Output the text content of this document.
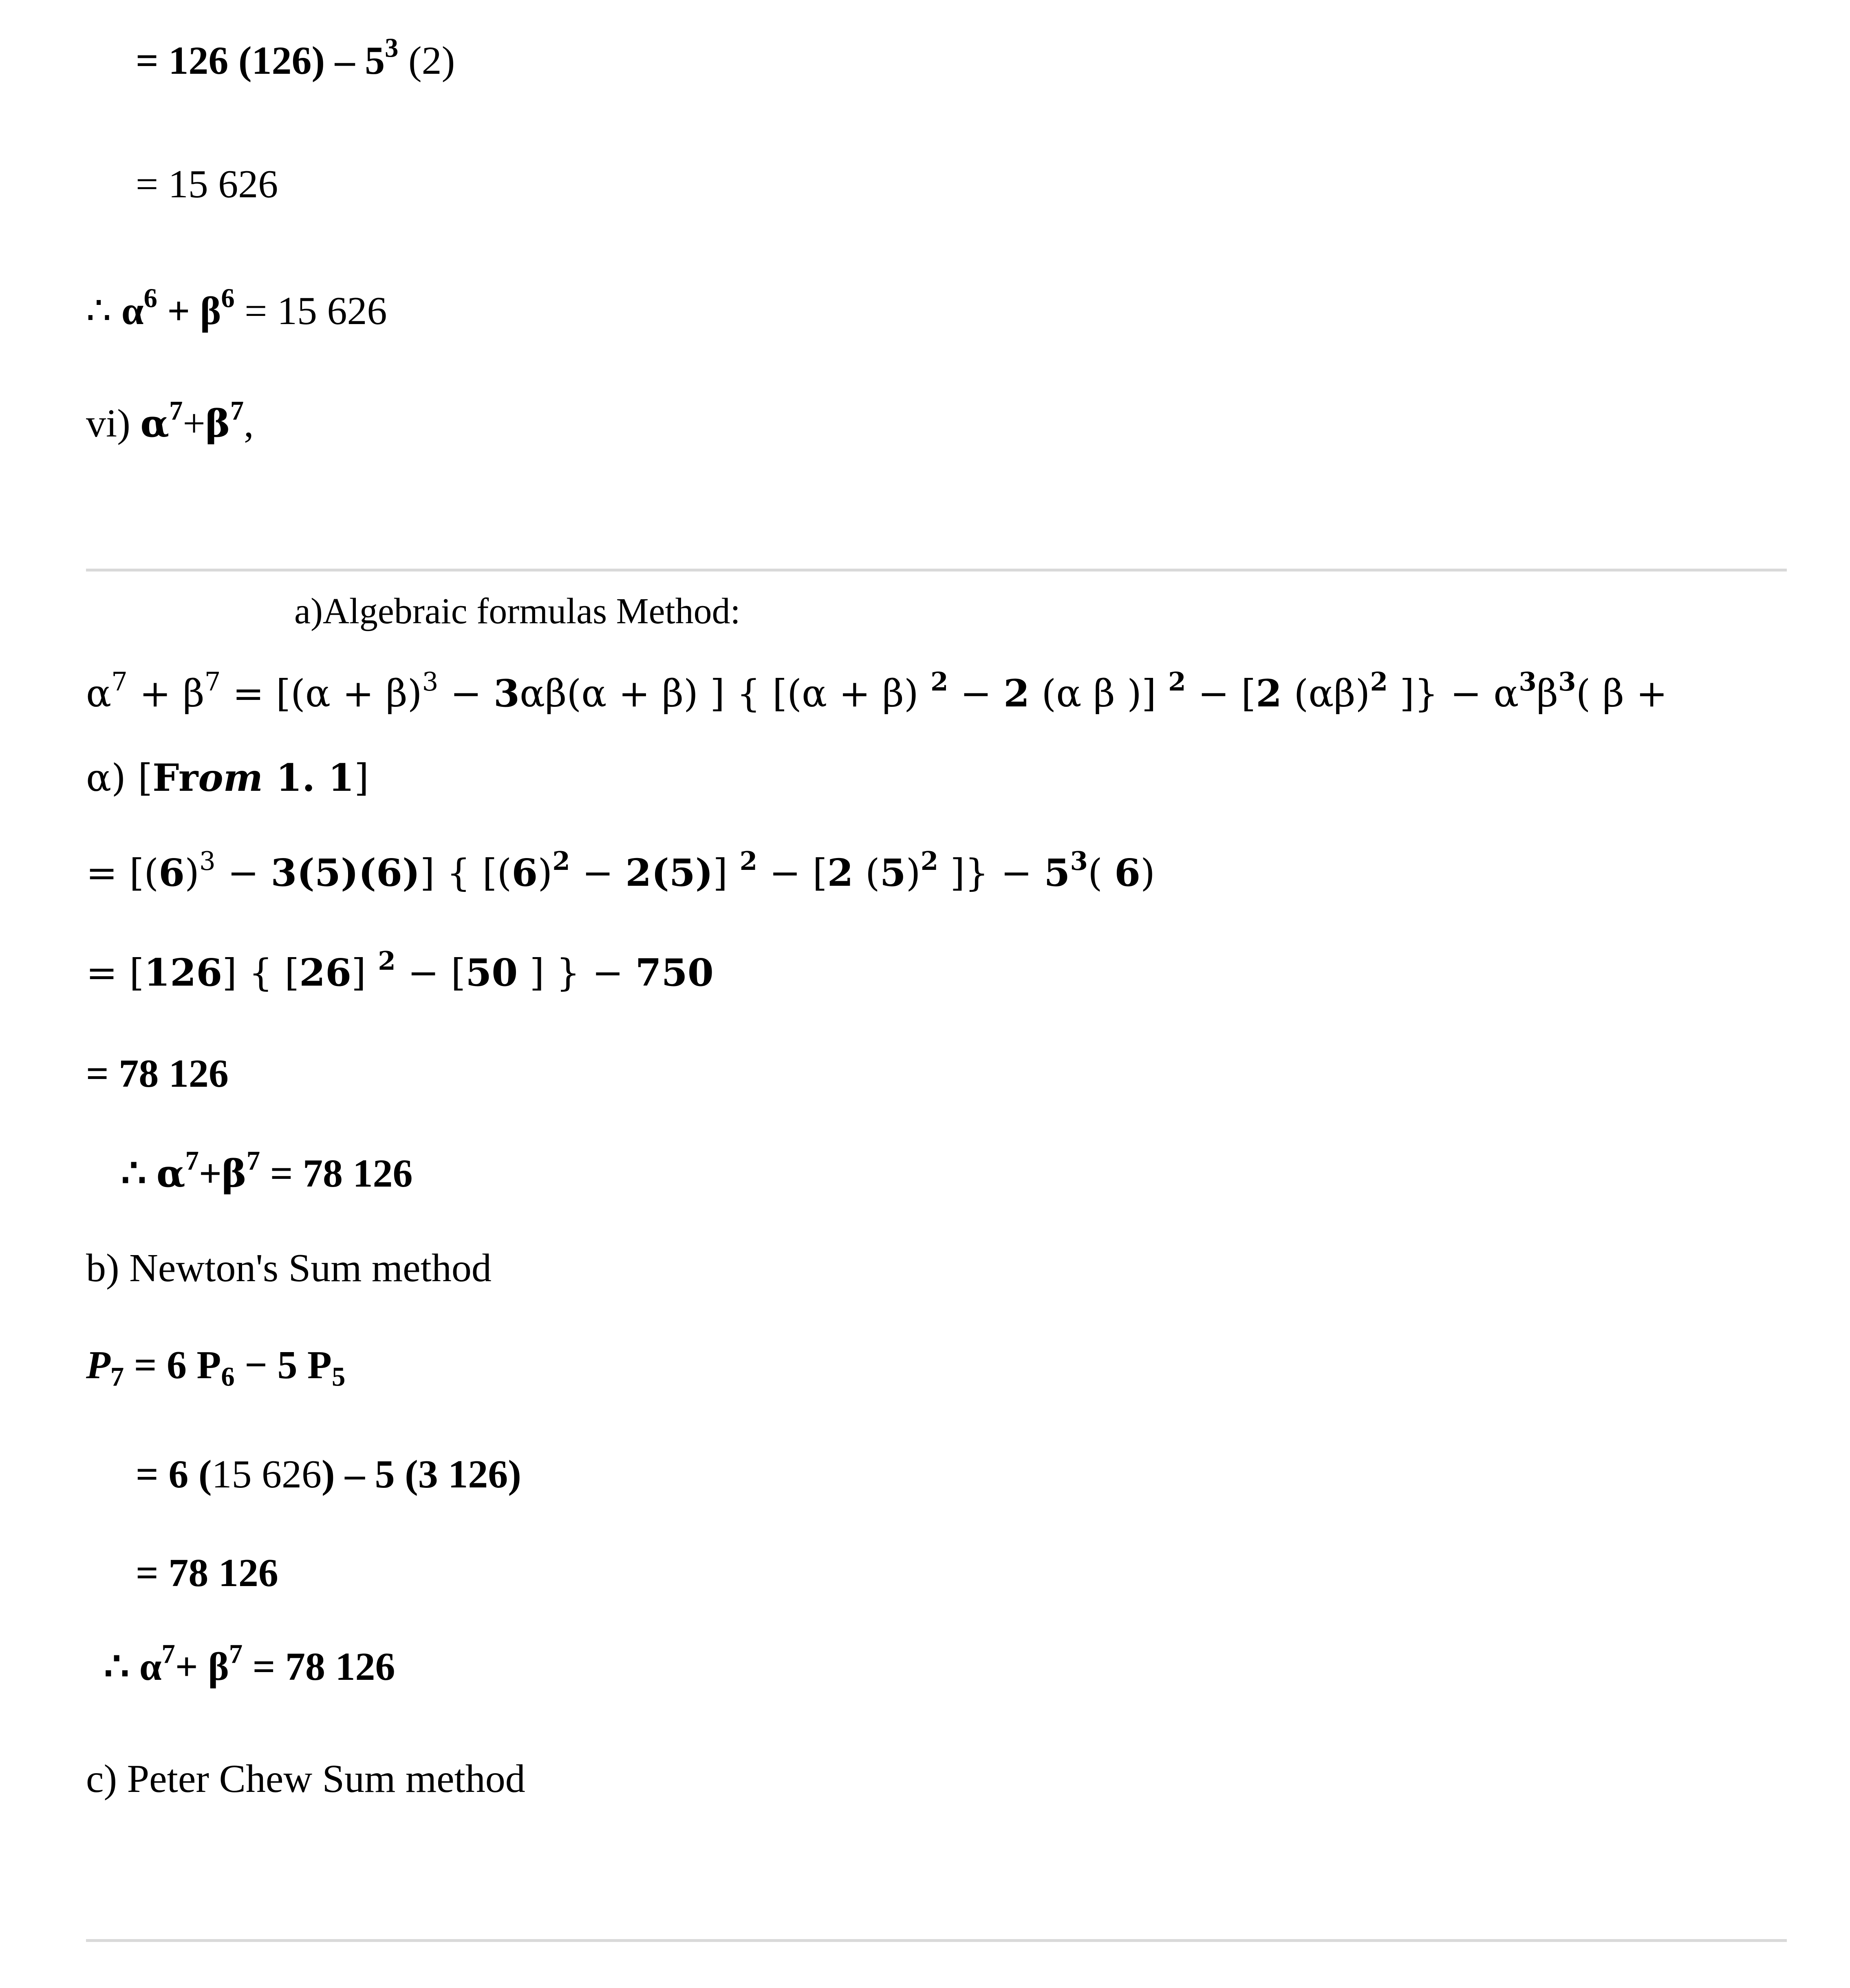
= 126 $(126) - 5^3$ (2)
= 15 626
∴ $\alpha^6 + \beta^6 = 15$ 626
vi) $\alpha^7+\beta^7$,
a)Algebraic formulas Method:
$\alpha^7 + \beta^7 = [(\alpha + \beta)^3 - 3\alpha\beta(\alpha + \beta)$ ] { [(α + β) $^2$ − 2 (α β )] $^2$ − [2 $(\alpha\beta)^2$ ]} − $\alpha^3\beta^3$( β +
α) [From 1. 1]
= $[(6)^3 - 3(5)(6)]$ { $[(6)^2 - 2(5)] ^2 - [2$ $(5)^2$ ]} − $5^3$( 6)
= [126] { [26] $^2$ − [50 ] } − 750
= 78 126
∴ $\alpha^7+\beta^7 = 78$ 126
b) Newton's Sum method
$P_7 = 6$ $P_6 - 5$ $P_5$
= 6 (15 626) – 5 (3 126)
= 78 126
∴ $\alpha^7+ \beta^7 = 78$ 126
c) Peter Chew Sum method
